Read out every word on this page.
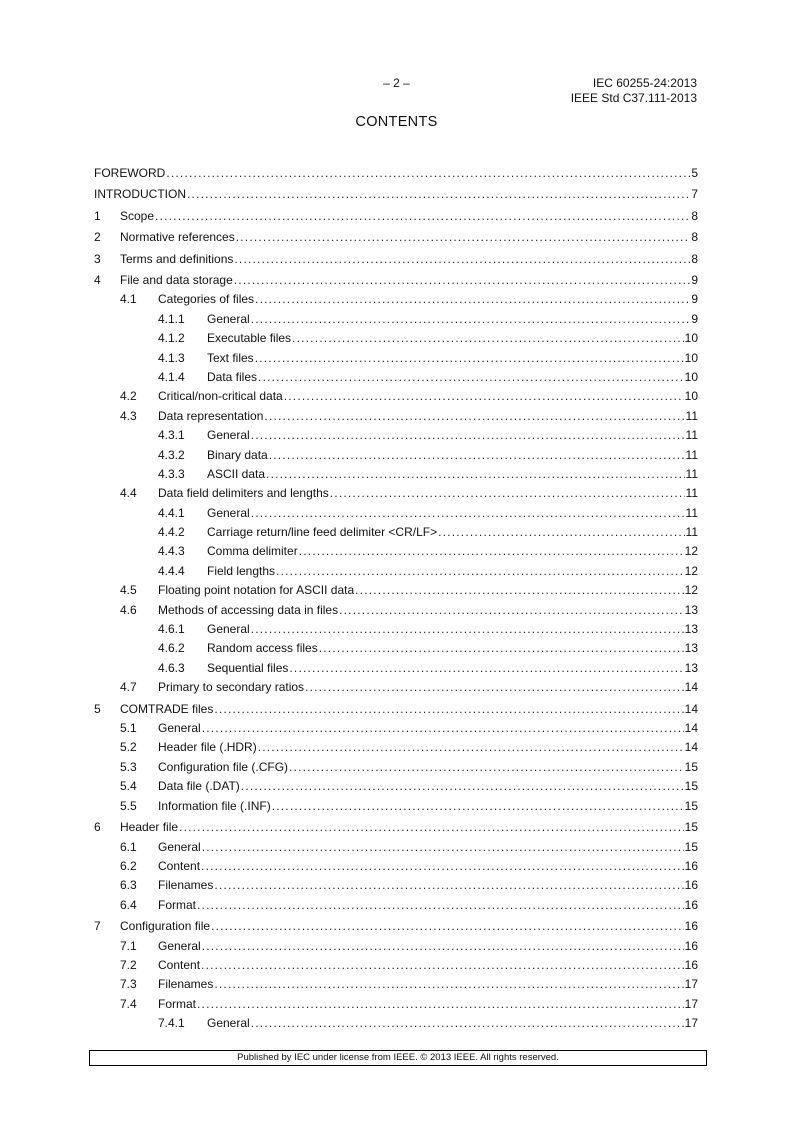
– 2 –	IEC 60255-24:2013
IEEE Std C37.111-2013
CONTENTS
FOREWORD .....	5
INTRODUCTION .....	7
1	Scope .....	8
2	Normative references .....	8
3	Terms and definitions .....	8
4	File and data storage .....	9
4.1	Categories of files .....	9
4.1.1	General .....	9
4.1.2	Executable files .....	10
4.1.3	Text files .....	10
4.1.4	Data files .....	10
4.2	Critical/non-critical data .....	10
4.3	Data representation .....	11
4.3.1	General .....	11
4.3.2	Binary data .....	11
4.3.3	ASCII data .....	11
4.4	Data field delimiters and lengths .....	11
4.4.1	General .....	11
4.4.2	Carriage return/line feed delimiter <CR/LF> .....	11
4.4.3	Comma delimiter .....	12
4.4.4	Field lengths .....	12
4.5	Floating point notation for ASCII data .....	12
4.6	Methods of accessing data in files .....	13
4.6.1	General .....	13
4.6.2	Random access files .....	13
4.6.3	Sequential files .....	13
4.7	Primary to secondary ratios .....	14
5	COMTRADE files .....	14
5.1	General .....	14
5.2	Header file (.HDR) .....	14
5.3	Configuration file (.CFG) .....	15
5.4	Data file (.DAT) .....	15
5.5	Information file (.INF) .....	15
6	Header file .....	15
6.1	General .....	15
6.2	Content .....	16
6.3	Filenames .....	16
6.4	Format .....	16
7	Configuration file .....	16
7.1	General .....	16
7.2	Content .....	16
7.3	Filenames .....	17
7.4	Format .....	17
7.4.1	General .....	17
Published by IEC under license from IEEE. © 2013 IEEE. All rights reserved.
